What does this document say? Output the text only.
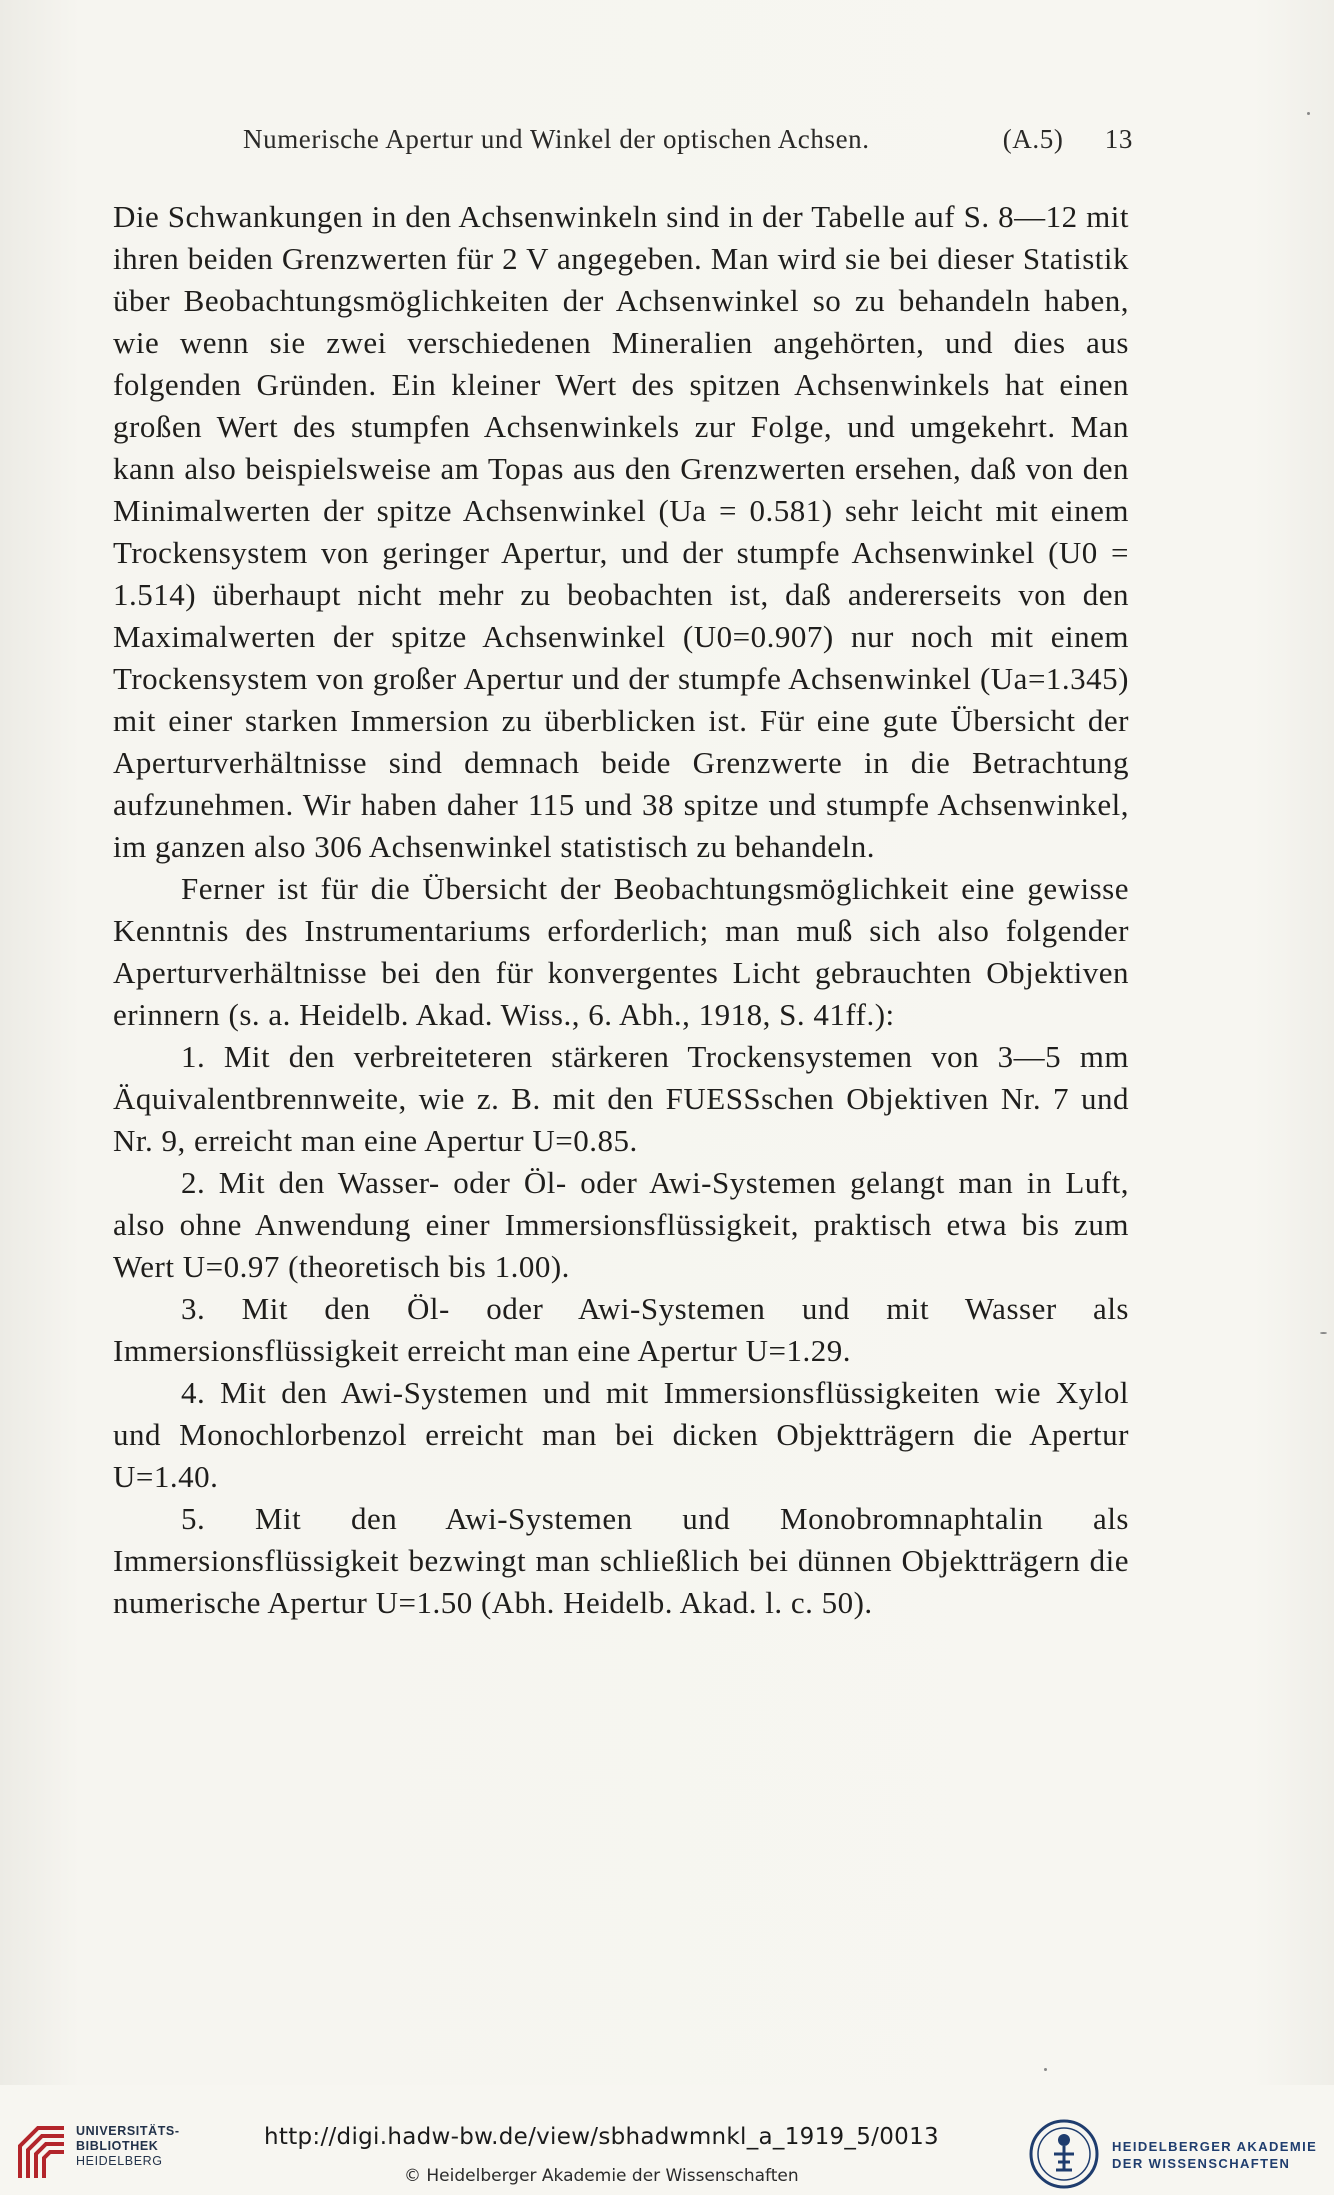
Numerische Apertur und Winkel der optischen Achsen.	(A.5) 13

Die Schwankungen in den Achsenwinkeln sind in der Tabelle auf S. 8—12 mit ihren beiden Grenzwerten für 2 V angegeben. Man wird sie bei dieser Statistik über Beobachtungsmöglichkeiten der Achsenwinkel so zu behandeln haben, wie wenn sie zwei verschiedenen Mineralien angehörten, und dies aus folgenden Gründen. Ein kleiner Wert des spitzen Achsenwinkels hat einen großen Wert des stumpfen Achsenwinkels zur Folge, und umgekehrt. Man kann also beispielsweise am Topas aus den Grenzwerten ersehen, daß von den Minimalwerten der spitze Achsenwinkel (Ua = 0.581) sehr leicht mit einem Trockensystem von geringer Apertur, und der stumpfe Achsenwinkel (U0 = 1.514) überhaupt nicht mehr zu beobachten ist, daß andererseits von den Maximalwerten der spitze Achsenwinkel (U0=0.907) nur noch mit einem Trockensystem von großer Apertur und der stumpfe Achsenwinkel (Ua=1.345) mit einer starken Immersion zu überblicken ist. Für eine gute Übersicht der Aperturverhältnisse sind demnach beide Grenzwerte in die Betrachtung aufzunehmen. Wir haben daher 115 und 38 spitze und stumpfe Achsenwinkel, im ganzen also 306 Achsenwinkel statistisch zu behandeln.

Ferner ist für die Übersicht der Beobachtungsmöglichkeit eine gewisse Kenntnis des Instrumentariums erforderlich; man muß sich also folgender Aperturverhältnisse bei den für konvergentes Licht gebrauchten Objektiven erinnern (s. a. Heidelb. Akad. Wiss., 6. Abh., 1918, S. 41ff.):

1. Mit den verbreiteteren stärkeren Trockensystemen von 3—5 mm Äquivalentbrennweite, wie z. B. mit den FUESSschen Objektiven Nr. 7 und Nr. 9, erreicht man eine Apertur U=0.85.

2. Mit den Wasser- oder Öl- oder Awi-Systemen gelangt man in Luft, also ohne Anwendung einer Immersionsflüssigkeit, praktisch etwa bis zum Wert U=0.97 (theoretisch bis 1.00).

3. Mit den Öl- oder Awi-Systemen und mit Wasser als Immersionsflüssigkeit erreicht man eine Apertur U=1.29.

4. Mit den Awi-Systemen und mit Immersionsflüssigkeiten wie Xylol und Monochlorbenzol erreicht man bei dicken Objektträgern die Apertur U=1.40.

5. Mit den Awi-Systemen und Monobromnaphtalin als Immersionsflüssigkeit bezwingt man schließlich bei dünnen Objektträgern die numerische Apertur U=1.50 (Abh. Heidelb. Akad. l. c. 50).

UNIVERSITÄTS-
BIBLIOTHEK
HEIDELBERG
http://digi.hadw-bw.de/view/sbhadwmnkl_a_1919_5/0013
© Heidelberger Akademie der Wissenschaften
HEIDELBERGER AKADEMIE
DER WISSENSCHAFTEN
